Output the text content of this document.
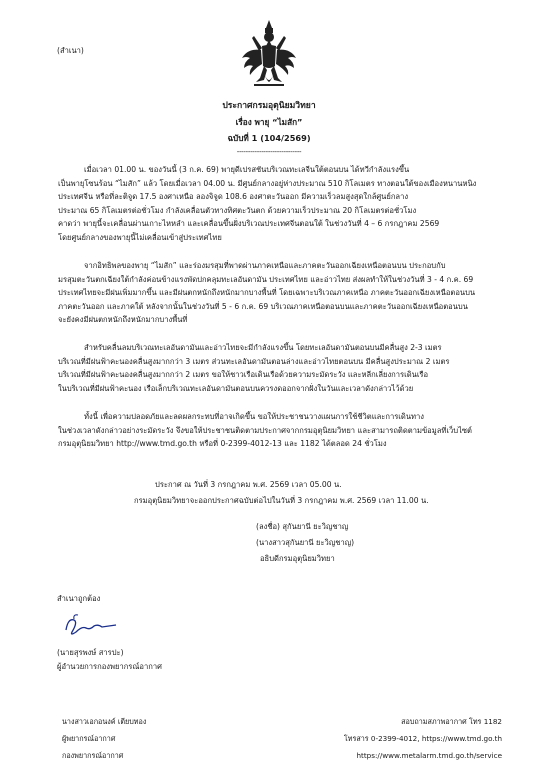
(สำเนา)
ประกาศกรมอุตุนิยมวิทยา
เรื่อง พายุ “ไมสัก”
ฉบับที่ 1 (104/2569)
-----------------------------
เมื่อเวลา 01.00 น. ของวันนี้ (3 ก.ค. 69) พายุดีเปรสชันบริเวณทะเลจีนใต้ตอนบน ได้ทวีกำลังแรงขึ้น
เป็นพายุโซนร้อน “ไมสัก” แล้ว โดยเมื่อเวลา 04.00 น. มีศูนย์กลางอยู่ห่างประมาณ 510 กิโลเมตร ทางตอนใต้ของเมืองหนานหนิง
ประเทศจีน หรือที่ละติจูด 17.5 องศาเหนือ ลองจิจูด 108.6 องศาตะวันออก มีความเร็วลมสูงสุดใกล้ศูนย์กลาง
ประมาณ 65 กิโลเมตรต่อชั่วโมง กำลังเคลื่อนตัวทางทิศตะวันตก ด้วยความเร็วประมาณ 20 กิโลเมตรต่อชั่วโมง
คาดว่า พายุนี้จะเคลื่อนผ่านเกาะไหหลำ และเคลื่อนขึ้นฝั่งบริเวณประเทศจีนตอนใต้ ในช่วงวันที่ 4 – 6 กรกฎาคม 2569
โดยศูนย์กลางของพายุนี้ไม่เคลื่อนเข้าสู่ประเทศไทย
จากอิทธิพลของพายุ “ไมสัก” และร่องมรสุมที่พาดผ่านภาคเหนือและภาคตะวันออกเฉียงเหนือตอนบน ประกอบกับ
มรสุมตะวันตกเฉียงใต้กำลังค่อนข้างแรงพัดปกคลุมทะเลอันดามัน ประเทศไทย และอ่าวไทย ส่งผลทำให้ในช่วงวันที่ 3 - 4 ก.ค. 69
ประเทศไทยจะมีฝนเพิ่มมากขึ้น และมีฝนตกหนักถึงหนักมากบางพื้นที่ โดยเฉพาะบริเวณภาคเหนือ ภาคตะวันออกเฉียงเหนือตอนบน
ภาคตะวันออก และภาคใต้ หลังจากนั้นในช่วงวันที่ 5 - 6 ก.ค. 69 บริเวณภาคเหนือตอนบนและภาคตะวันออกเฉียงเหนือตอนบน
จะยังคงมีฝนตกหนักถึงหนักมากบางพื้นที่
สำหรับคลื่นลมบริเวณทะเลอันดามันและอ่าวไทยจะมีกำลังแรงขึ้น โดยทะเลอันดามันตอนบนมีคลื่นสูง 2-3 เมตร
บริเวณที่มีฝนฟ้าคะนองคลื่นสูงมากกว่า 3 เมตร ส่วนทะเลอันดามันตอนล่างและอ่าวไทยตอนบน มีคลื่นสูงประมาณ 2 เมตร
บริเวณที่มีฝนฟ้าคะนองคลื่นสูงมากกว่า 2 เมตร ขอให้ชาวเรือเดินเรือด้วยความระมัดระวัง และหลีกเลี่ยงการเดินเรือ
ในบริเวณที่มีฝนฟ้าคะนอง เรือเล็กบริเวณทะเลอันดามันตอนบนควรงดออกจากฝั่งในวันและเวลาดังกล่าวไว้ด้วย
ทั้งนี้ เพื่อความปลอดภัยและลดผลกระทบที่อาจเกิดขึ้น ขอให้ประชาชนวางแผนการใช้ชีวิตและการเดินทาง
ในช่วงเวลาดังกล่าวอย่างระมัดระวัง จึงขอให้ประชาชนติดตามประกาศจากกรมอุตุนิยมวิทยา และสามารถติดตามข้อมูลที่เว็บไซต์
กรมอุตุนิยมวิทยา http://www.tmd.go.th หรือที่ 0-2399-4012-13 และ 1182 ได้ตลอด 24 ชั่วโมง
ประกาศ ณ วันที่ 3 กรกฎาคม พ.ศ. 2569 เวลา 05.00 น.
กรมอุตุนิยมวิทยาจะออกประกาศฉบับต่อไปในวันที่ 3 กรกฎาคม พ.ศ. 2569 เวลา 11.00 น.
(ลงชื่อ) สุกันยานี ยะวิญชาญ
(นางสาวสุกันยานี ยะวิญชาญ)
อธิบดีกรมอุตุนิยมวิทยา
สำเนาถูกต้อง
(นายสุรพงษ์ สารปะ)
ผู้อำนวยการกองพยากรณ์อากาศ
นางสาวเอกอนงค์ เตียบทอง
ผู้พยากรณ์อากาศ
กองพยากรณ์อากาศ
สอบถามสภาพอากาศ โทร 1182
โทรสาร 0-2399-4012, https://www.tmd.go.th
https://www.metalarm.tmd.go.th/service
